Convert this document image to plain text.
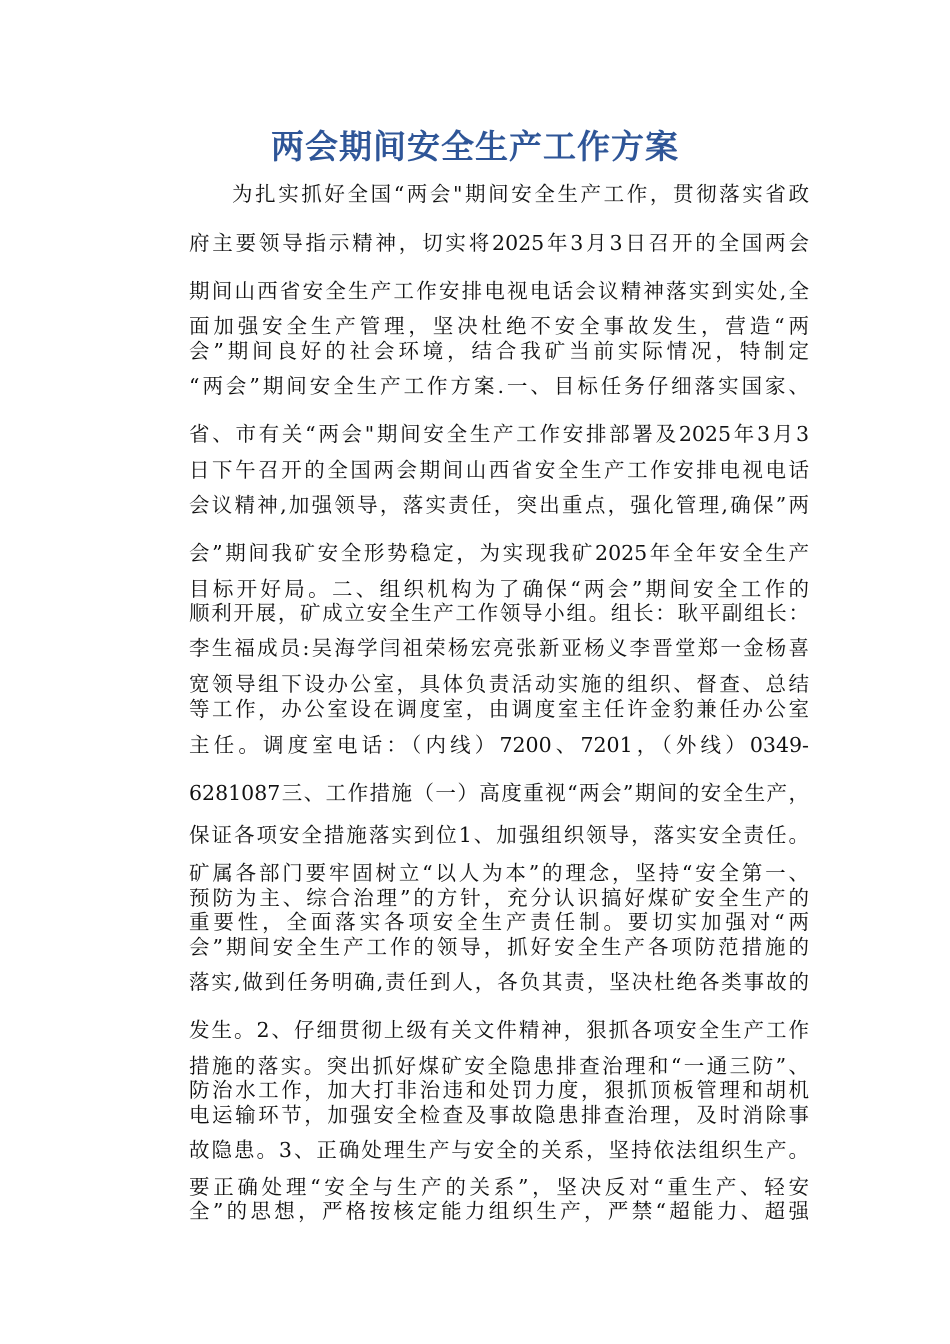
两会期间安全生产工作方案
为扎实抓好全国“两会"期间安全生产工作，贯彻落实省政
府主要领导指示精神，切实将2025年3月3日召开的全国两会
期间山西省安全生产工作安排电视电话会议精神落实到实处,全
面加强安全生产管理，坚决杜绝不安全事故发生，营造“两
会”期间良好的社会环境，结合我矿当前实际情况，特制定
“两会”期间安全生产工作方案.一、目标任务仔细落实国家、
省、市有关“两会"期间安全生产工作安排部署及2025年3月3
日下午召开的全国两会期间山西省安全生产工作安排电视电话
会议精神,加强领导，落实责任，突出重点，强化管理,确保”两
会”期间我矿安全形势稳定，为实现我矿2025年全年安全生产
目标开好局。二、组织机构为了确保“两会”期间安全工作的
顺利开展，矿成立安全生产工作领导小组。组长：耿平副组长：
李生福成员:吴海学闫祖荣杨宏亮张新亚杨义李晋堂郑一金杨喜
宽领导组下设办公室，具体负责活动实施的组织、督查、总结
等工作，办公室设在调度室，由调度室主任许金豹兼任办公室
主任。调度室电话：（内线）7200、7201，（外线）0349-
6281087三、工作措施（一）高度重视“两会”期间的安全生产，
保证各项安全措施落实到位1、加强组织领导，落实安全责任。
矿属各部门要牢固树立“以人为本”的理念，坚持“安全第一、
预防为主、综合治理”的方针，充分认识搞好煤矿安全生产的
重要性，全面落实各项安全生产责任制。要切实加强对“两
会”期间安全生产工作的领导，抓好安全生产各项防范措施的
落实,做到任务明确,责任到人，各负其责，坚决杜绝各类事故的
发生。2、仔细贯彻上级有关文件精神，狠抓各项安全生产工作
措施的落实。突出抓好煤矿安全隐患排查治理和“一通三防”、
防治水工作，加大打非治违和处罚力度，狠抓顶板管理和胡机
电运输环节，加强安全检查及事故隐患排查治理，及时消除事
故隐患。3、正确处理生产与安全的关系，坚持依法组织生产。
要正确处理“安全与生产的关系”，坚决反对“重生产、轻安
全”的思想，严格按核定能力组织生产，严禁“超能力、超强
